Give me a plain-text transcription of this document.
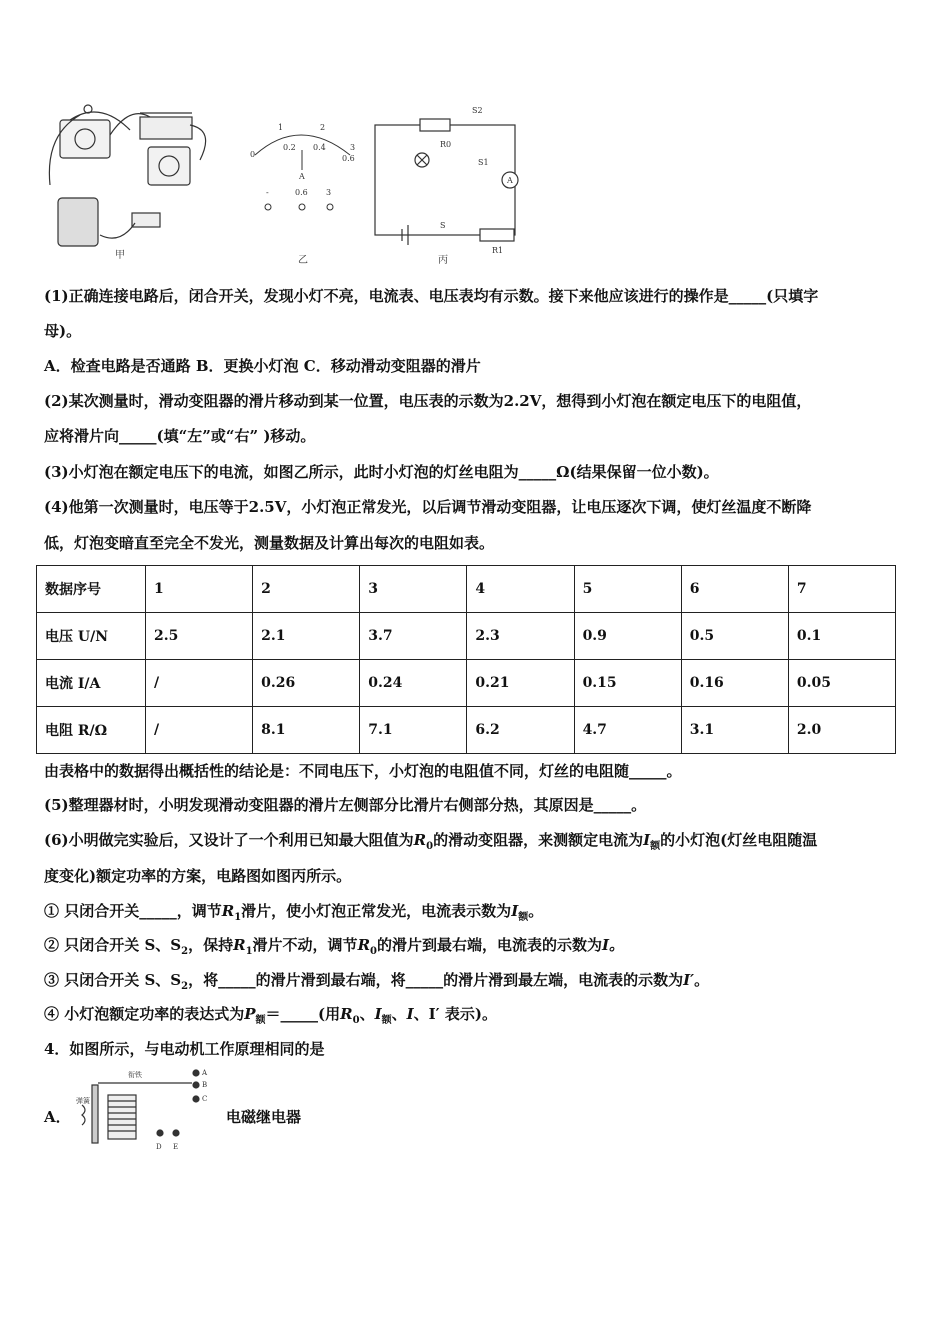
甲
0
0.2 0.4
0.6
1	2
3
A
-	0.6 3
乙
S2
R0
S1
A
S
R1
丙
(1)正确连接电路后，闭合开关，发现小灯不亮，电流表、电压表均有示数。接下来他应该进行的操作是_____(只填字
母)。
A．检查电路是否通路 B．更换小灯泡 C．移动滑动变阻器的滑片
(2)某次测量时，滑动变阻器的滑片移动到某一位置，电压表的示数为2.2V，想得到小灯泡在额定电压下的电阻值，
应将滑片向_____(填“左”或“右” )移动。
(3)小灯泡在额定电压下的电流，如图乙所示，此时小灯泡的灯丝电阻为_____Ω(结果保留一位小数)。
(4)他第一次测量时，电压等于2.5V，小灯泡正常发光，以后调节滑动变阻器，让电压逐次下调，使灯丝温度不断降
低，灯泡变暗直至完全不发光，测量数据及计算出每次的电阻如表。
数据序号	1	2	3	4	5	6	7
电压 U/N	2.5	2.1	3.7	2.3	0.9	0.5	0.1
电流 I/A	/	0.26	0.24	0.21	0.15	0.16	0.05
电阻 R/Ω	/	8.1	7.1	6.2	4.7	3.1	2.0
由表格中的数据得出概括性的结论是：不同电压下，小灯泡的电阻值不同，灯丝的电阻随_____。
(5)整理器材时，小明发现滑动变阻器的滑片左侧部分比滑片右侧部分热，其原因是_____。
(6)小明做完实验后，又设计了一个利用已知最大阻值为$R_0$的滑动变阻器，来测额定电流为$I_额$的小灯泡(灯丝电阻随温
度变化)额定功率的方案，电路图如图丙所示。
① 只闭合开关_____，调节$R_1$滑片，使小灯泡正常发光，电流表示数为$I_额$。
② 只闭合开关 S、$S_2$，保持$R_1$滑片不动，调节$R_0$的滑片到最右端，电流表的示数为I。
③ 只闭合开关 S、$S_2$，将_____的滑片滑到最右端，将_____的滑片滑到最左端，电流表的示数为I′。
④ 小灯泡额定功率的表达式为$P_额=\_\_\_\_\_$(用$R_0$、$I_额$、I、I′ 表示)。
4．如图所示，与电动机工作原理相同的是
A．
衔铁	A
B
C
D E
弹簧
电磁继电器
